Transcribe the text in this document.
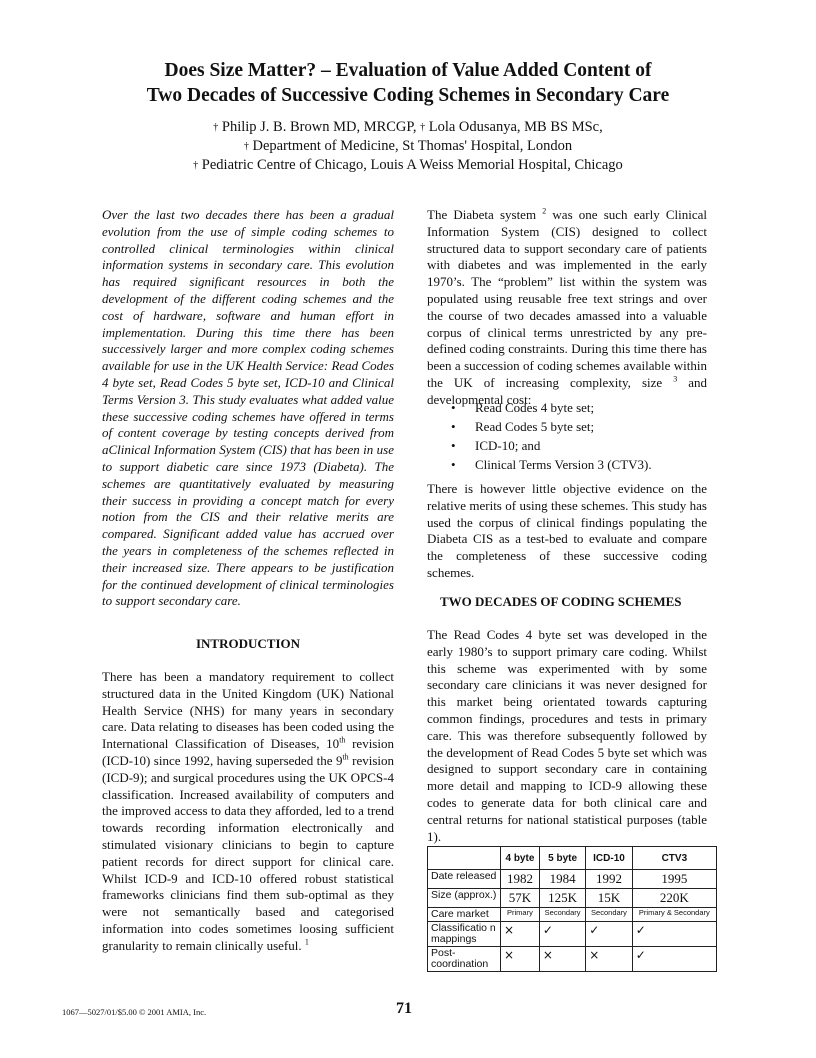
Does Size Matter? – Evaluation of Value Added Content of
Two Decades of Successive Coding Schemes in Secondary Care
† Philip J. B. Brown MD, MRCGP, † Lola Odusanya, MB BS MSc,
† Department of Medicine, St Thomas' Hospital, London
† Pediatric Centre of Chicago, Louis A Weiss Memorial Hospital, Chicago
Over the last two decades there has been a gradual evolution from the use of simple coding schemes to controlled clinical terminologies within clinical information systems in secondary care. This evolution has required significant resources in both the development of the different coding schemes and the cost of hardware, software and human effort in implementation. During this time there has been successively larger and more complex coding schemes available for use in the UK Health Service: Read Codes 4 byte set, Read Codes 5 byte set, ICD-10 and Clinical Terms Version 3. This study evaluates what added value these successive coding schemes have offered in terms of content coverage by testing concepts derived from aClinical Information System (CIS) that has been in use to support diabetic care since 1973 (Diabeta). The schemes are quantitatively evaluated by measuring their success in providing a concept match for every notion from the CIS and their relative merits are compared. Significant added value has accrued over the years in completeness of the schemes reflected in their increased size. There appears to be justification for the continued development of clinical terminologies to support secondary care.
INTRODUCTION
There has been a mandatory requirement to collect structured data in the United Kingdom (UK) National Health Service (NHS) for many years in secondary care. Data relating to diseases has been coded using the International Classification of Diseases, 10th revision (ICD-10) since 1992, having superseded the 9th revision (ICD-9); and surgical procedures using the UK OPCS-4 classification. Increased availability of computers and the improved access to data they afforded, led to a trend towards recording information electronically and stimulated visionary clinicians to begin to capture patient records for direct support for clinical care. Whilst ICD-9 and ICD-10 offered robust statistical frameworks clinicians find them sub-optimal as they were not semantically based and categorised information into codes sometimes loosing sufficient granularity to remain clinically useful. $^1$
The Diabeta system $^2$ was one such early Clinical Information System (CIS) designed to collect structured data to support secondary care of patients with diabetes and was implemented in the early 1970’s. The “problem” list within the system was populated using reusable free text strings and over the course of two decades amassed into a valuable corpus of clinical terms unrestricted by any pre-defined coding constraints. During this time there has been a succession of coding schemes available within the UK of increasing complexity, size $^3$ and developmental cost:
• Read Codes 4 byte set;
• Read Codes 5 byte set;
• ICD-10; and
• Clinical Terms Version 3 (CTV3).
There is however little objective evidence on the relative merits of using these schemes. This study has used the corpus of clinical findings populating the Diabeta CIS as a test-bed to evaluate and compare the completeness of these successive coding schemes.
TWO DECADES OF CODING SCHEMES
The Read Codes 4 byte set was developed in the early 1980’s to support primary care coding. Whilst this scheme was experimented with by some secondary care clinicians it was never designed for this market being orientated towards capturing common findings, procedures and tests in primary care. This was therefore subsequently followed by the development of Read Codes 5 byte set which was designed to support secondary care in containing more detail and mapping to ICD-9 allowing these codes to generate data for both clinical care and central returns for national statistical purposes (table 1).
	4 byte	5 byte	ICD-10	CTV3
Date released	1982	1984	1992	1995
Size (approx.)	57K	125K	15K	220K
Care market	Primary	Secondary	Secondary	Primary & Secondary
Classificatio n mappings	×	✓	✓	✓
Post-coordination	×	×	×	✓
1067—5027/01/$5.00 © 2001 AMIA, Inc.	71
